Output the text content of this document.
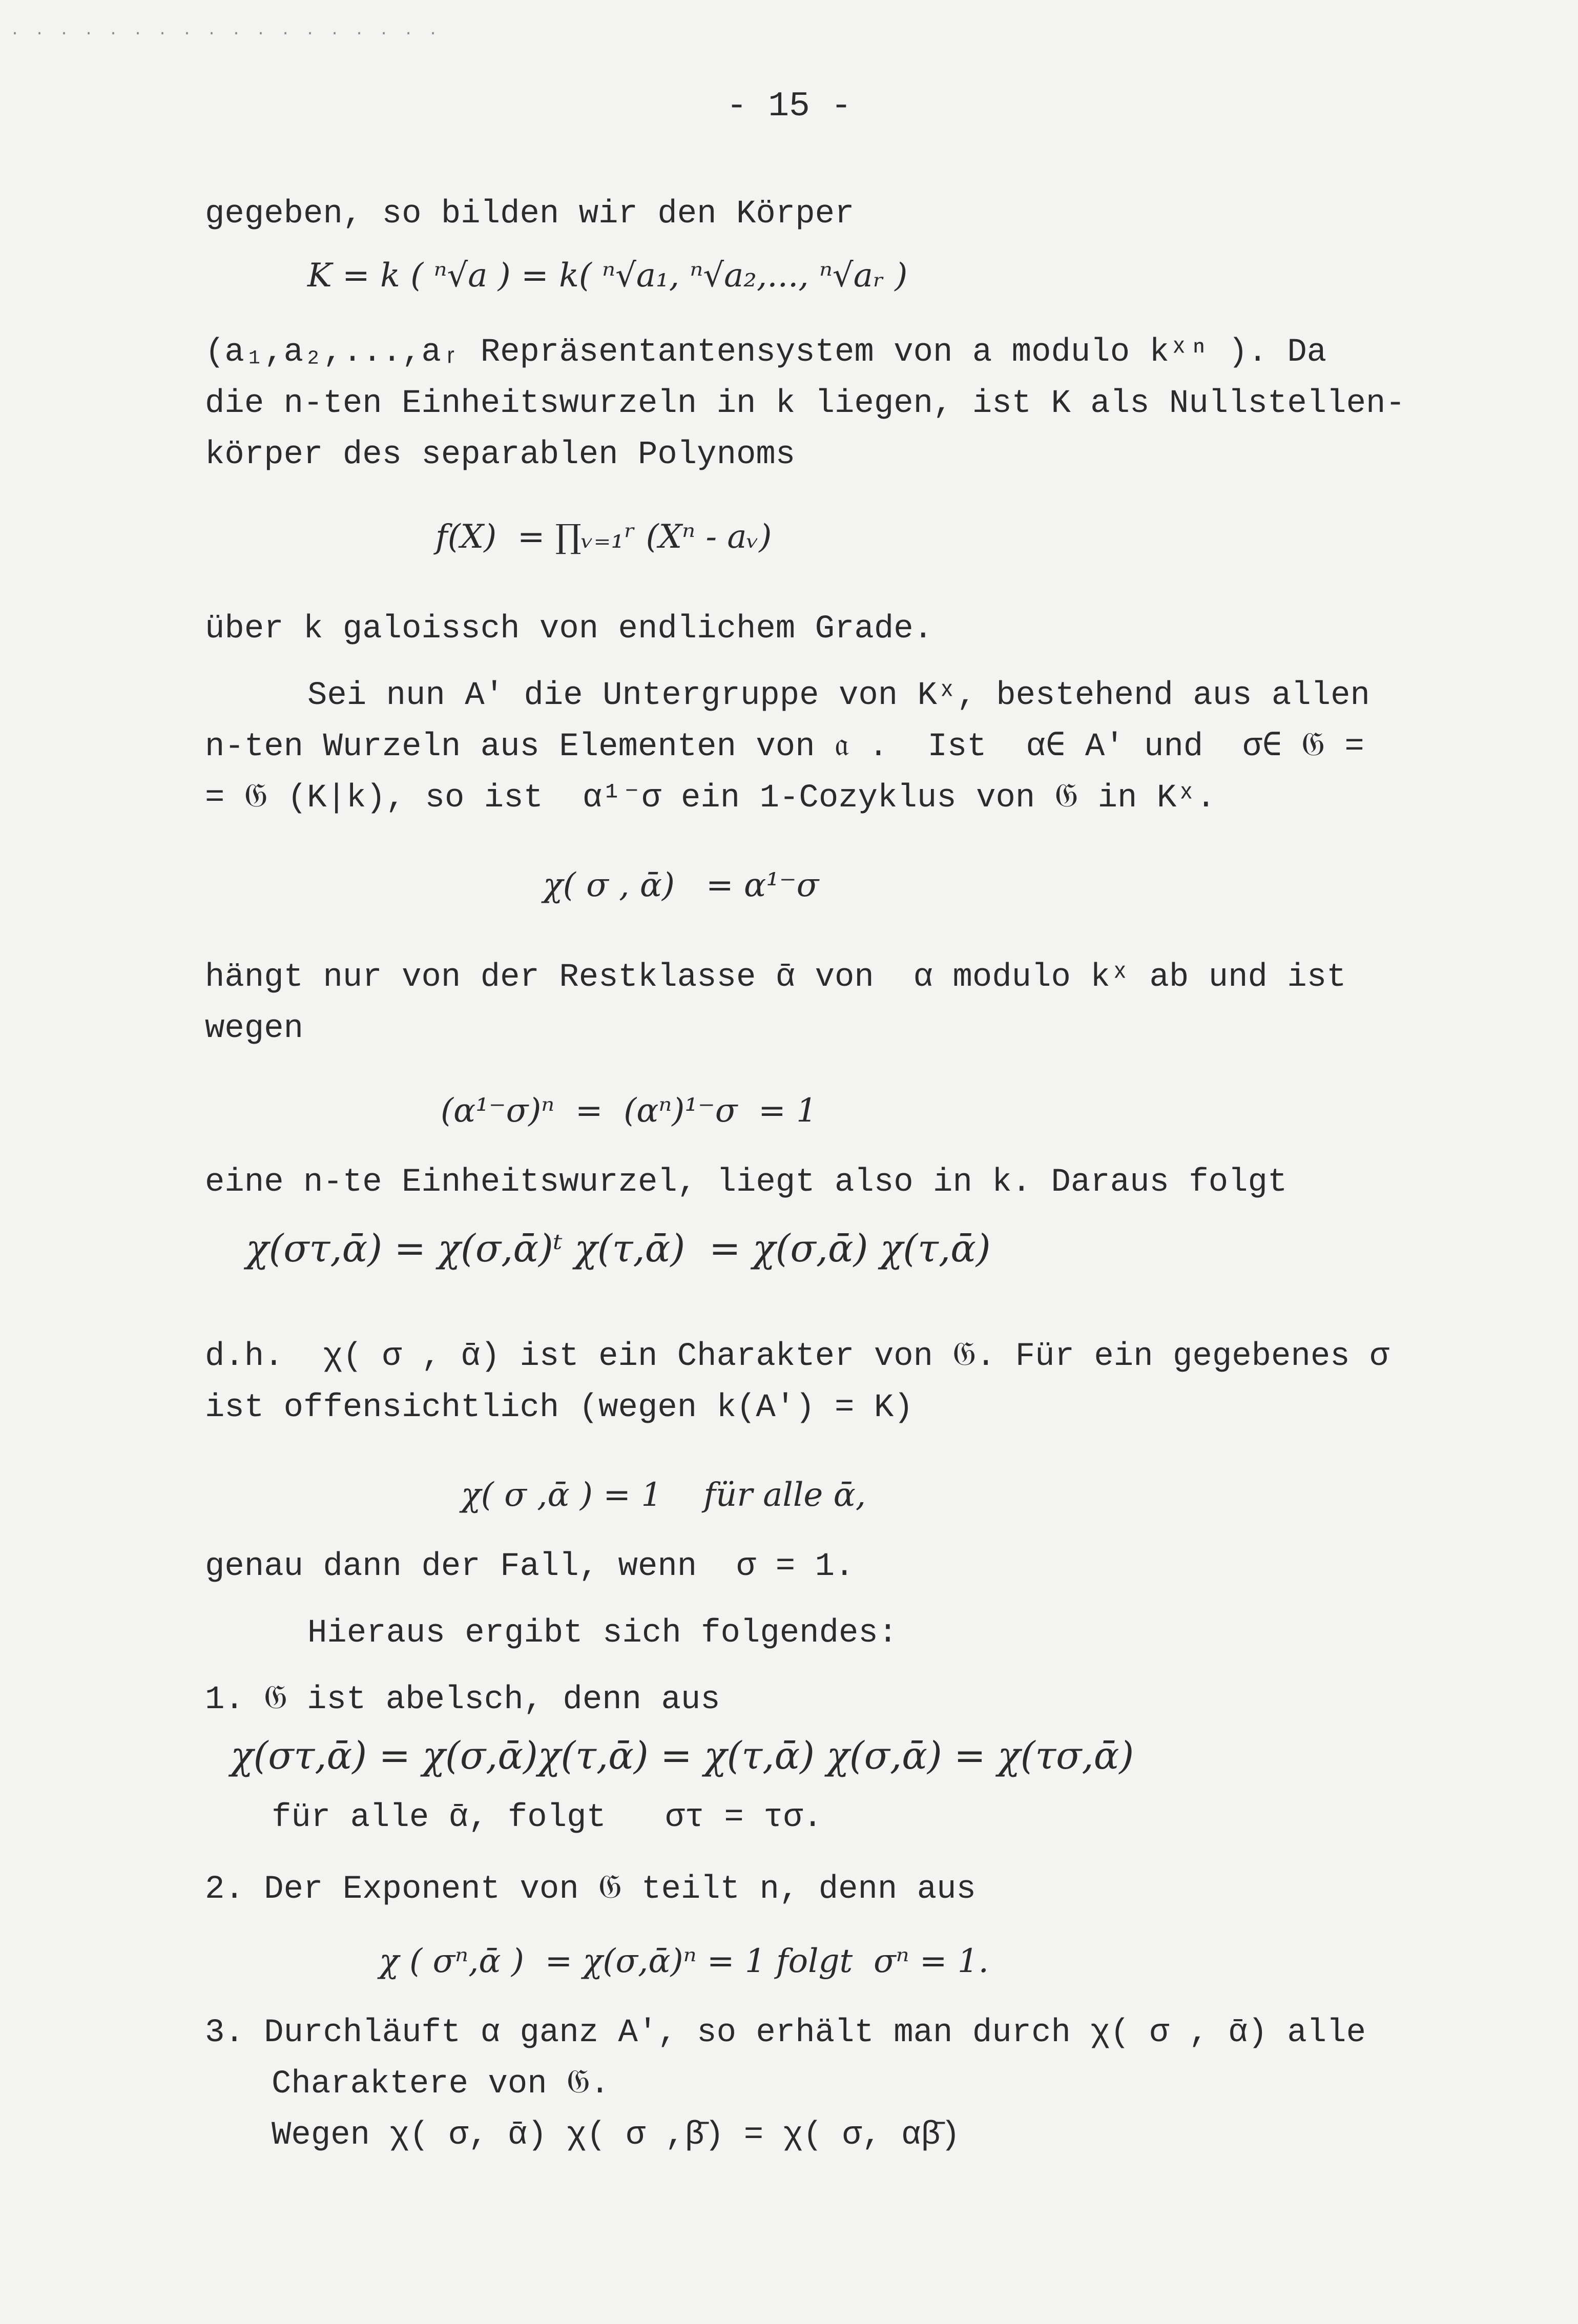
· · · · · · · · · · · · · · · · · ·
- 15 -
gegeben, so bilden wir den Körper
K = k ( ⁿ√a ) = k( ⁿ√a₁, ⁿ√a₂,..., ⁿ√aᵣ )
(a₁,a₂,...,aᵣ Repräsentantensystem von a modulo kˣⁿ ). Da
die n-ten Einheitswurzeln in k liegen, ist K als Nullstellen-
körper des separablen Polynoms
f(X)  = ∏ᵥ₌₁ʳ (Xⁿ - aᵥ)
über k galoissch von endlichem Grade.
Sei nun A' die Untergruppe von Kˣ, bestehend aus allen
n-ten Wurzeln aus Elementen von 𝔞 .  Ist  α∈ A' und  σ∈ 𝔊 =
= 𝔊 (K|k), so ist  α¹⁻σ ein 1-Cozyklus von 𝔊 in Kˣ.
χ( σ , ᾱ)   = α¹⁻σ
hängt nur von der Restklasse ᾱ von  α modulo kˣ ab und ist
wegen
(α¹⁻σ)ⁿ  =  (αⁿ)¹⁻σ  = 1
eine n-te Einheitswurzel, liegt also in k. Daraus folgt
χ(στ,ᾱ) = χ(σ,ᾱ)ᵗ χ(τ,ᾱ)  = χ(σ,ᾱ) χ(τ,ᾱ)
d.h.  χ( σ , ᾱ) ist ein Charakter von 𝔊. Für ein gegebenes σ
ist offensichtlich (wegen k(A') = K)
χ( σ ,ᾱ ) = 1    für alle ᾱ,
genau dann der Fall, wenn  σ = 1.
Hieraus ergibt sich folgendes:
1. 𝔊 ist abelsch, denn aus
χ(στ,ᾱ) = χ(σ,ᾱ)χ(τ,ᾱ) = χ(τ,ᾱ) χ(σ,ᾱ) = χ(τσ,ᾱ)
für alle ᾱ, folgt   στ = τσ.
2. Der Exponent von 𝔊 teilt n, denn aus
χ ( σⁿ,ᾱ )  = χ(σ,ᾱ)ⁿ = 1 folgt  σⁿ = 1.
3. Durchläuft α ganz A', so erhält man durch χ( σ , ᾱ) alle
Charaktere von 𝔊.
Wegen χ( σ, ᾱ) χ( σ ,β̄) = χ( σ, αβ̄)
